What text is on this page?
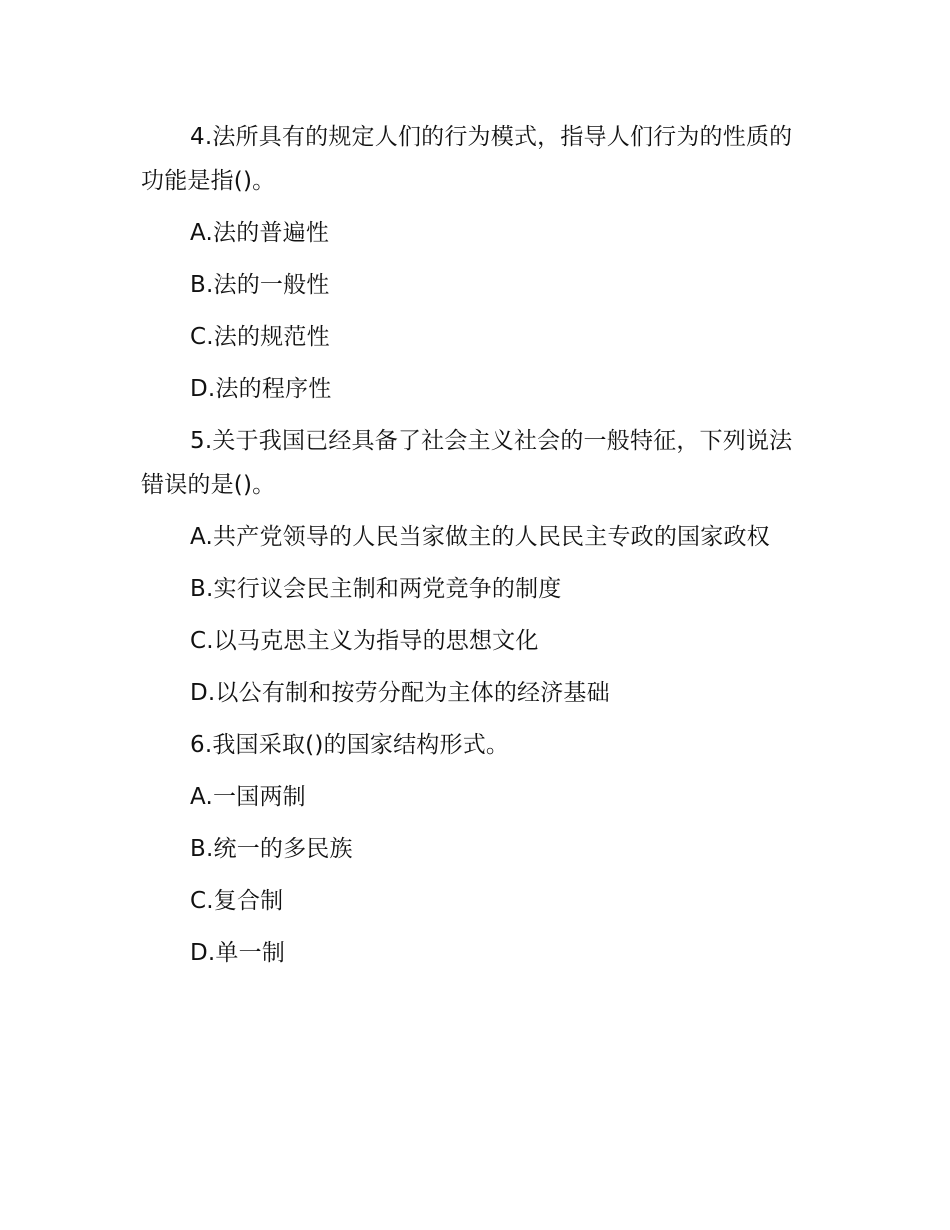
4.法所具有的规定人们的行为模式，指导人们行为的性质的功能是指()。

A.法的普遍性

B.法的一般性

C.法的规范性

D.法的程序性

5.关于我国已经具备了社会主义社会的一般特征，下列说法错误的是()。

A.共产党领导的人民当家做主的人民民主专政的国家政权

B.实行议会民主制和两党竞争的制度

C.以马克思主义为指导的思想文化

D.以公有制和按劳分配为主体的经济基础

6.我国采取()的国家结构形式。

A.一国两制

B.统一的多民族

C.复合制

D.单一制
